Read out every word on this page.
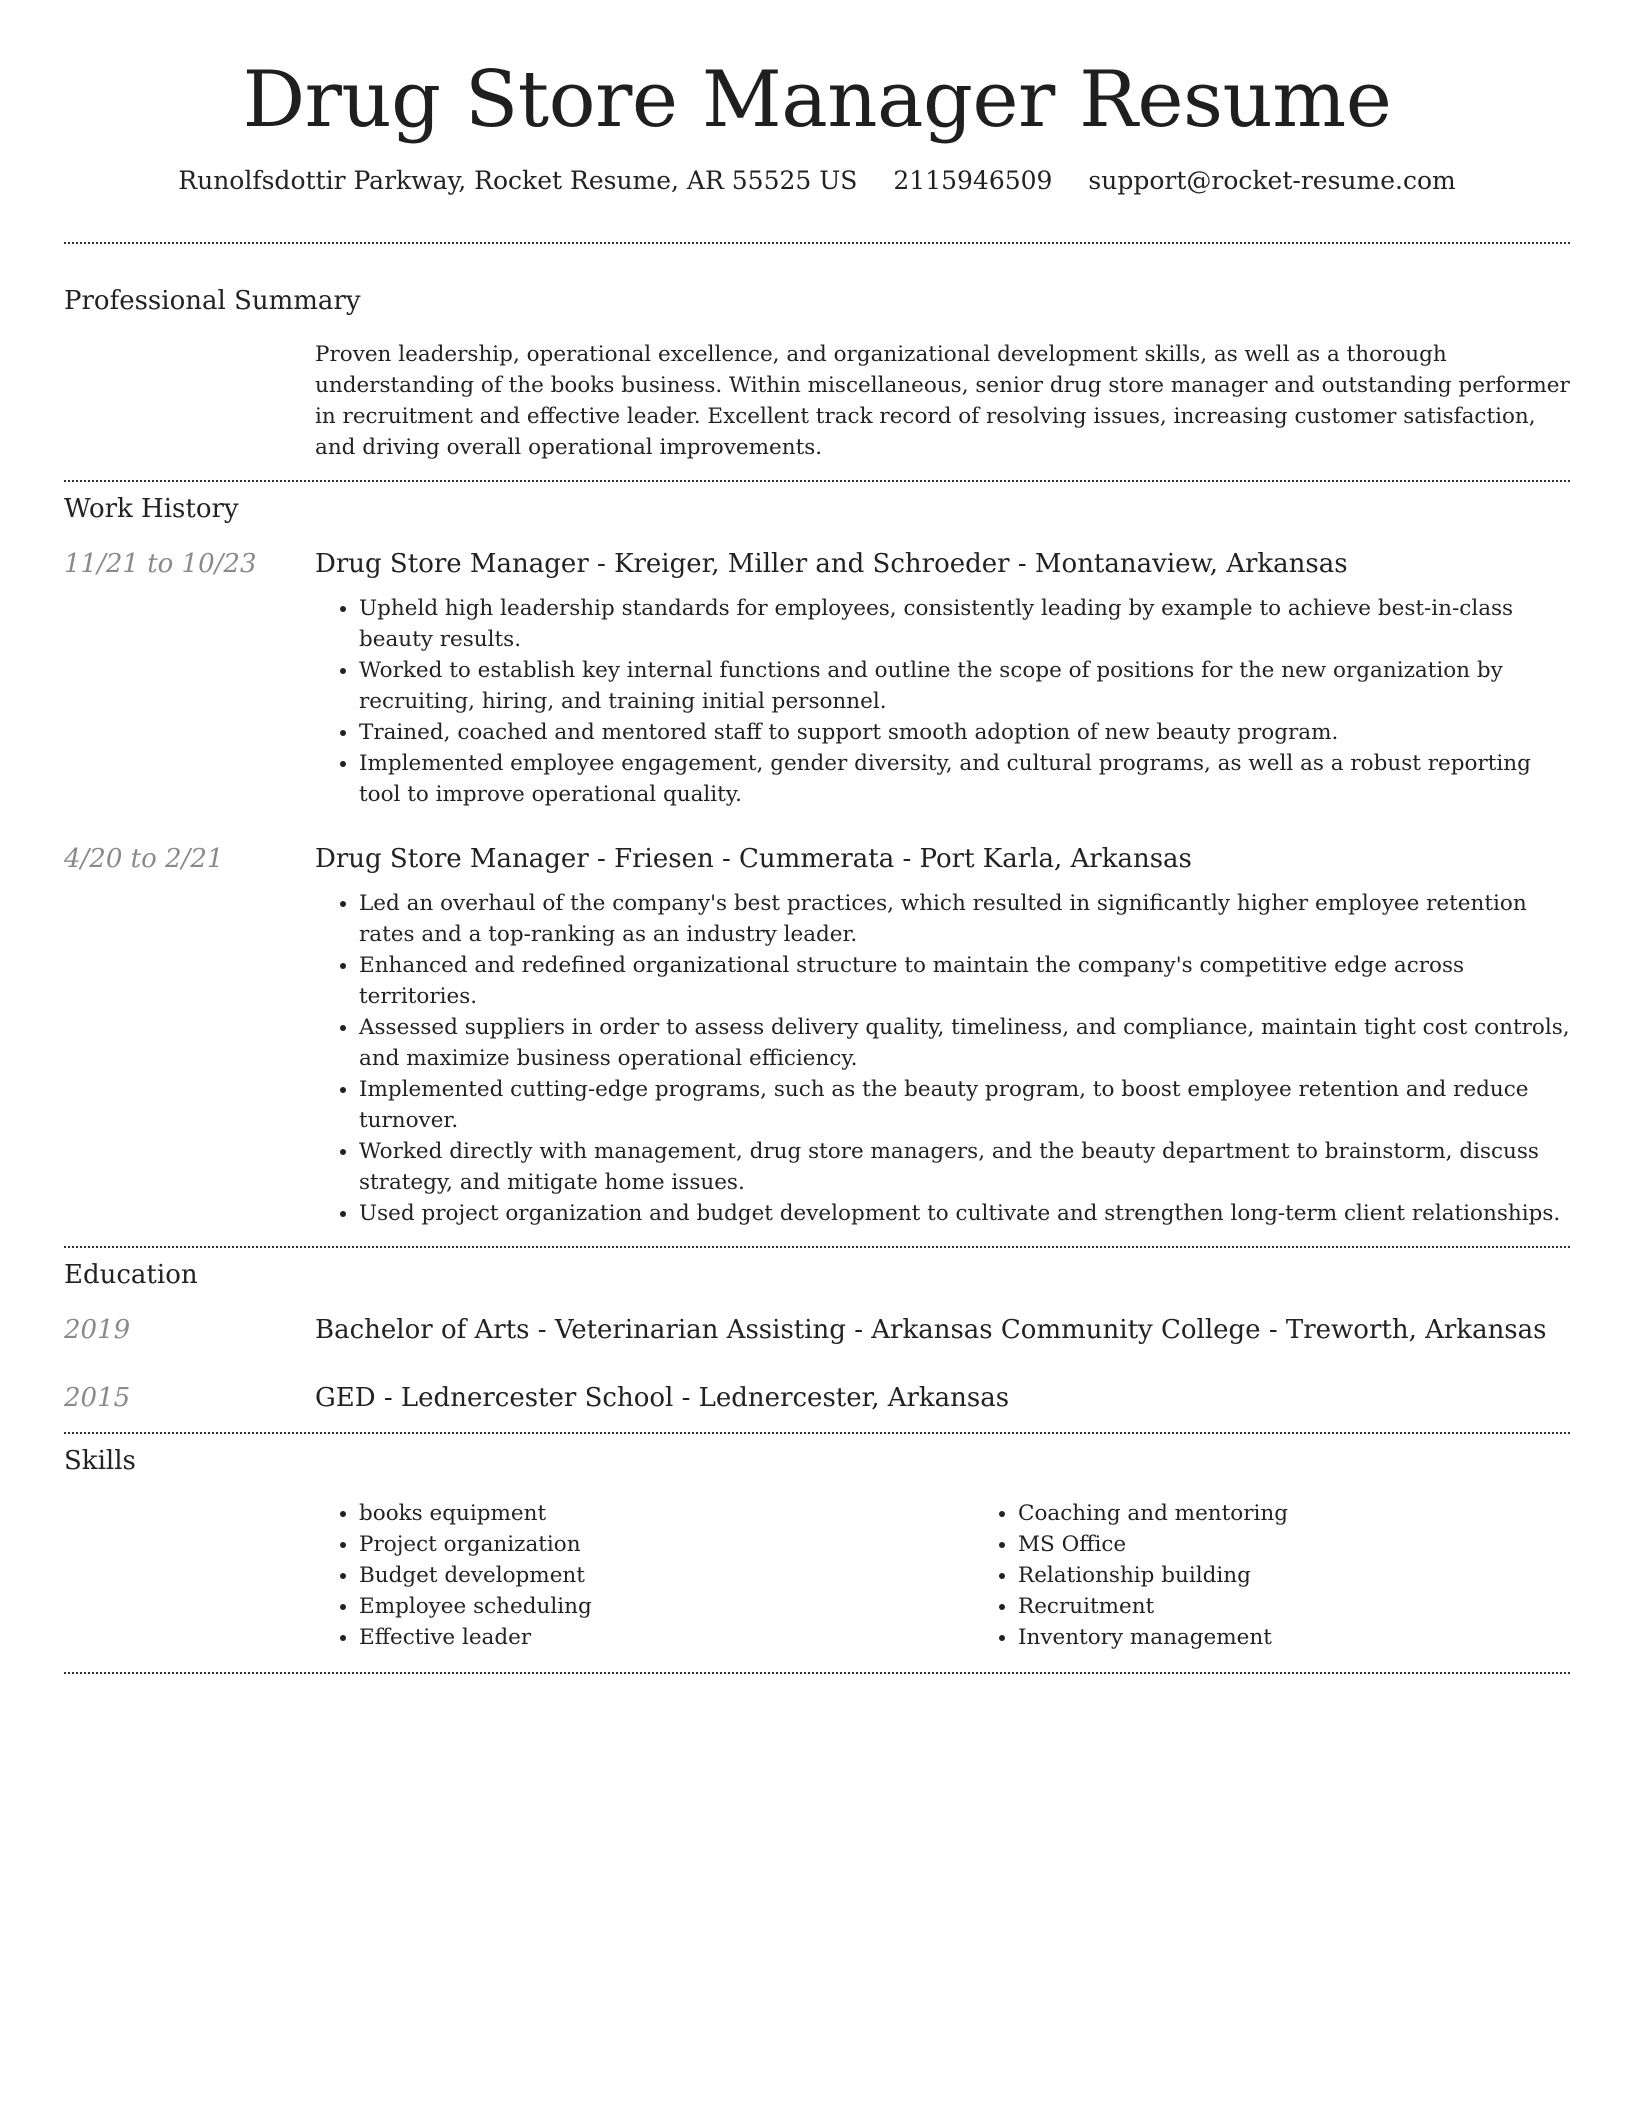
Drug Store Manager Resume
Runolfsdottir Parkway, Rocket Resume, AR 55525 US 2115946509 support@rocket-resume.com
Professional Summary

Proven leadership, operational excellence, and organizational development skills, as well as a thorough understanding of the books business. Within miscellaneous, senior drug store manager and outstanding performer in recruitment and effective leader. Excellent track record of resolving issues, increasing customer satisfaction, and driving overall operational improvements.

Work History
11/21 to 10/23	Drug Store Manager - Kreiger, Miller and Schroeder - Montanaview, Arkansas
• Upheld high leadership standards for employees, consistently leading by example to achieve best-in-class beauty results.
• Worked to establish key internal functions and outline the scope of positions for the new organization by recruiting, hiring, and training initial personnel.
• Trained, coached and mentored staff to support smooth adoption of new beauty program.
• Implemented employee engagement, gender diversity, and cultural programs, as well as a robust reporting tool to improve operational quality.
4/20 to 2/21	Drug Store Manager - Friesen - Cummerata - Port Karla, Arkansas
• Led an overhaul of the company's best practices, which resulted in significantly higher employee retention rates and a top-ranking as an industry leader.
• Enhanced and redefined organizational structure to maintain the company's competitive edge across territories.
• Assessed suppliers in order to assess delivery quality, timeliness, and compliance, maintain tight cost controls, and maximize business operational efficiency.
• Implemented cutting-edge programs, such as the beauty program, to boost employee retention and reduce turnover.
• Worked directly with management, drug store managers, and the beauty department to brainstorm, discuss strategy, and mitigate home issues.
• Used project organization and budget development to cultivate and strengthen long-term client relationships.
Education
2019	Bachelor of Arts - Veterinarian Assisting - Arkansas Community College - Treworth, Arkansas
2015	GED - Lednercester School - Lednercester, Arkansas
Skills
• books equipment
• Project organization
• Budget development
• Employee scheduling
• Effective leader
• Coaching and mentoring
• MS Office
• Relationship building
• Recruitment
• Inventory management
